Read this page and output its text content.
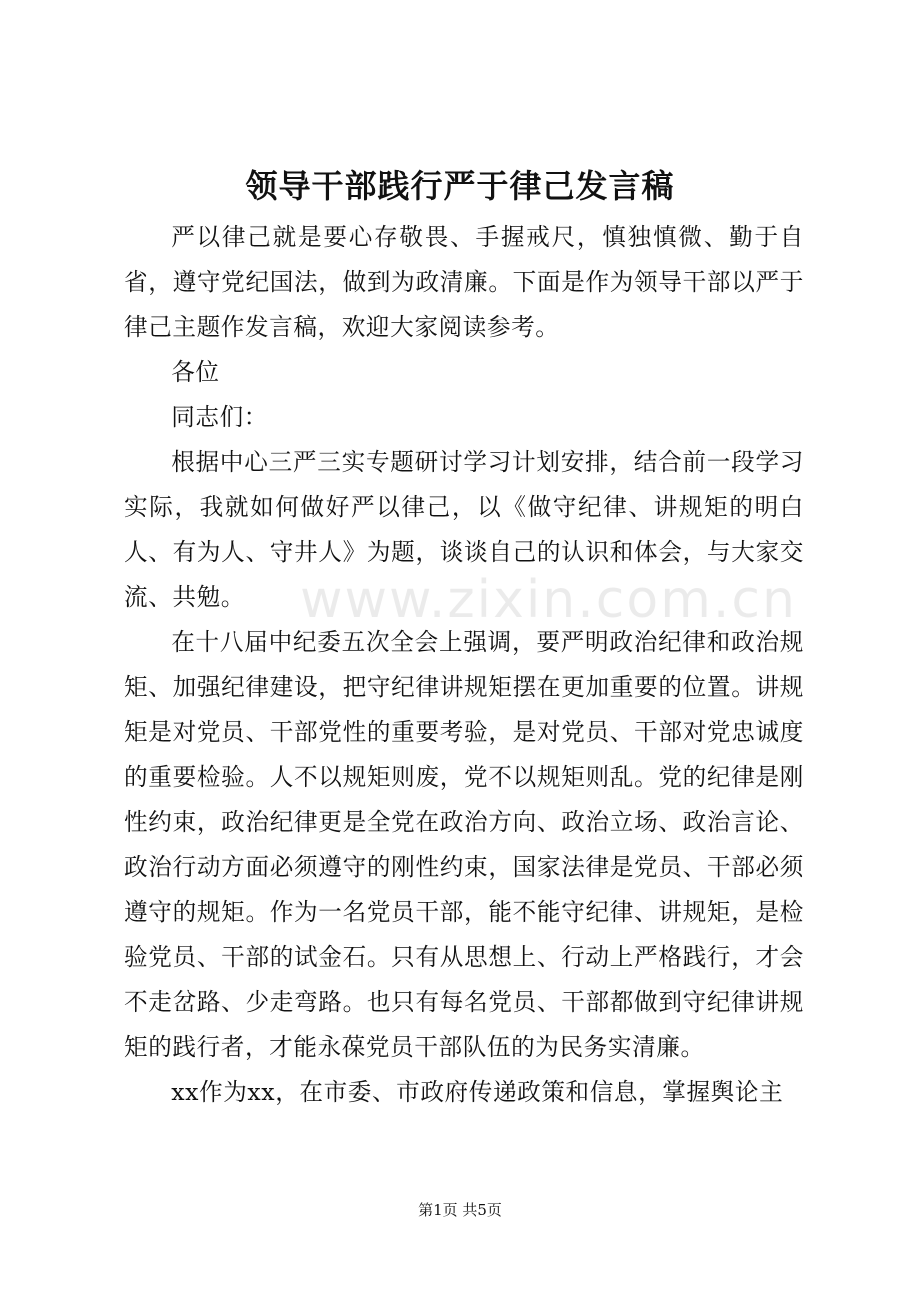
领导干部践行严于律己发言稿

严以律己就是要心存敬畏、手握戒尺，慎独慎微、勤于自省，遵守党纪国法，做到为政清廉。下面是作为领导干部以严于律己主题作发言稿，欢迎大家阅读参考。

各位

同志们：

根据中心三严三实专题研讨学习计划安排，结合前一段学习实际，我就如何做好严以律己，以《做守纪律、讲规矩的明白人、有为人、守井人》为题，谈谈自己的认识和体会，与大家交流、共勉。

在十八届中纪委五次全会上强调，要严明政治纪律和政治规矩、加强纪律建设，把守纪律讲规矩摆在更加重要的位置。讲规矩是对党员、干部党性的重要考验，是对党员、干部对党忠诚度的重要检验。人不以规矩则废，党不以规矩则乱。党的纪律是刚性约束，政治纪律更是全党在政治方向、政治立场、政治言论、政治行动方面必须遵守的刚性约束，国家法律是党员、干部必须遵守的规矩。作为一名党员干部，能不能守纪律、讲规矩，是检验党员、干部的试金石。只有从思想上、行动上严格践行，才会不走岔路、少走弯路。也只有每名党员、干部都做到守纪律讲规矩的践行者，才能永葆党员干部队伍的为民务实清廉。

xx作为xx，在市委、市政府传递政策和信息，掌握舆论主

www.zixin.com.cn
第1页 共5页
